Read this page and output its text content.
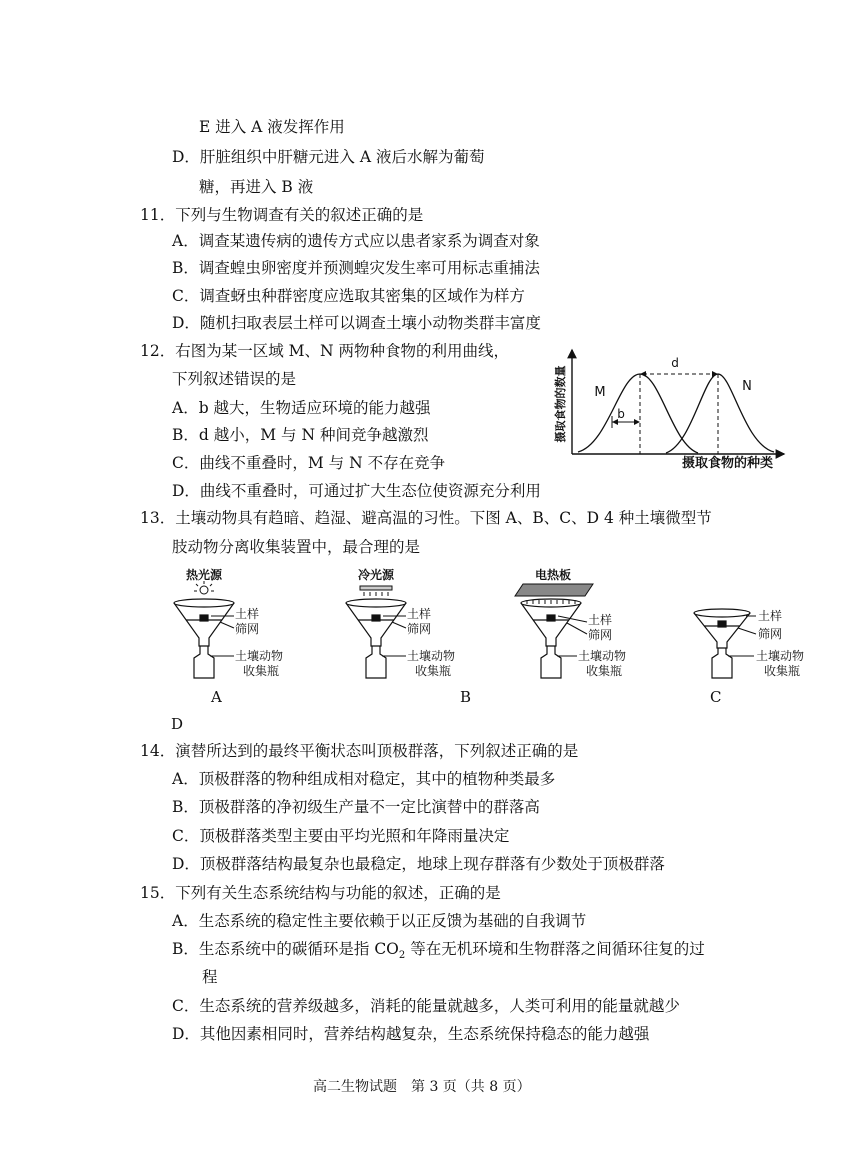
E 进入 A 液发挥作用
D．肝脏组织中肝糖元进入 A 液后水解为葡萄
糖，再进入 B 液
11．下列与生物调查有关的叙述正确的是
A．调查某遗传病的遗传方式应以患者家系为调查对象
B．调查蝗虫卵密度并预测蝗灾发生率可用标志重捕法
C．调查蚜虫种群密度应选取其密集的区域作为样方
D．随机扫取表层土样可以调查土壤小动物类群丰富度
12．右图为某一区域 M、N 两物种食物的利用曲线，
下列叙述错误的是
A．b 越大，生物适应环境的能力越强
B．d 越小，M 与 N 种间竞争越激烈
C．曲线不重叠时，M 与 N 不存在竞争
D．曲线不重叠时，可通过扩大生态位使资源充分利用
d
b
M	N
摄取食物的数量
摄取食物的种类
13．土壤动物具有趋暗、趋湿、避高温的习性。下图 A、B、C、D 4 种土壤微型节
肢动物分离收集装置中，最合理的是
热光源
土样
筛网
土壤动物
收集瓶
冷光源
土样
筛网
土壤动物
收集瓶
电热板
土样
筛网
土壤动物
收集瓶
土样
筛网
土壤动物
收集瓶
A	B	C
D
14．演替所达到的最终平衡状态叫顶极群落，下列叙述正确的是
A．顶极群落的物种组成相对稳定，其中的植物种类最多
B．顶极群落的净初级生产量不一定比演替中的群落高
C．顶极群落类型主要由平均光照和年降雨量决定
D．顶极群落结构最复杂也最稳定，地球上现存群落有少数处于顶极群落
15．下列有关生态系统结构与功能的叙述，正确的是
A．生态系统的稳定性主要依赖于以正反馈为基础的自我调节
B．生态系统中的碳循环是指 $CO_2$ 等在无机环境和生物群落之间循环往复的过
程
C．生态系统的营养级越多，消耗的能量就越多，人类可利用的能量就越少
D．其他因素相同时，营养结构越复杂，生态系统保持稳态的能力越强
高二生物试题　第 3 页（共 8 页）
